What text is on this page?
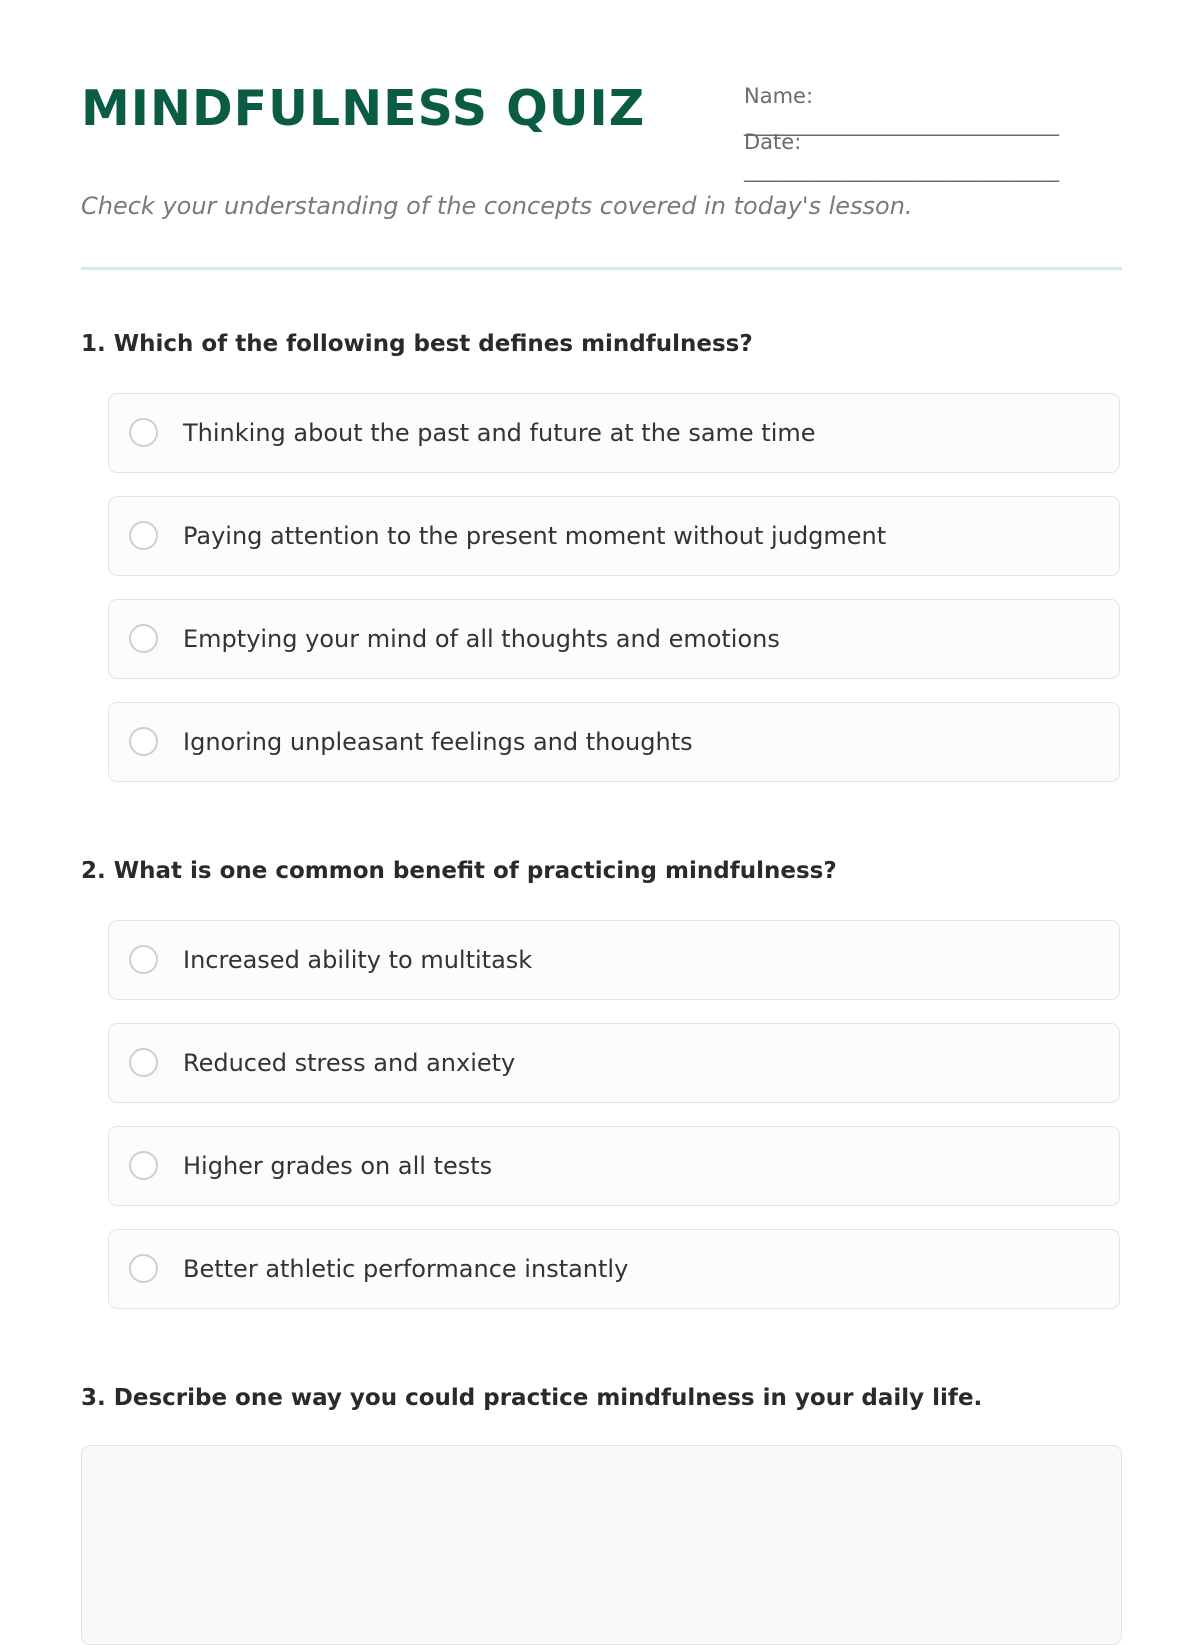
MINDFULNESS QUIZ	Name: ______________________________
Date: ______________________________
Check your understanding of the concepts covered in today's lesson.
1. Which of the following best defines mindfulness?
Thinking about the past and future at the same time
Paying attention to the present moment without judgment
Emptying your mind of all thoughts and emotions
Ignoring unpleasant feelings and thoughts
2. What is one common benefit of practicing mindfulness?
Increased ability to multitask
Reduced stress and anxiety
Higher grades on all tests
Better athletic performance instantly
3. Describe one way you could practice mindfulness in your daily life.
